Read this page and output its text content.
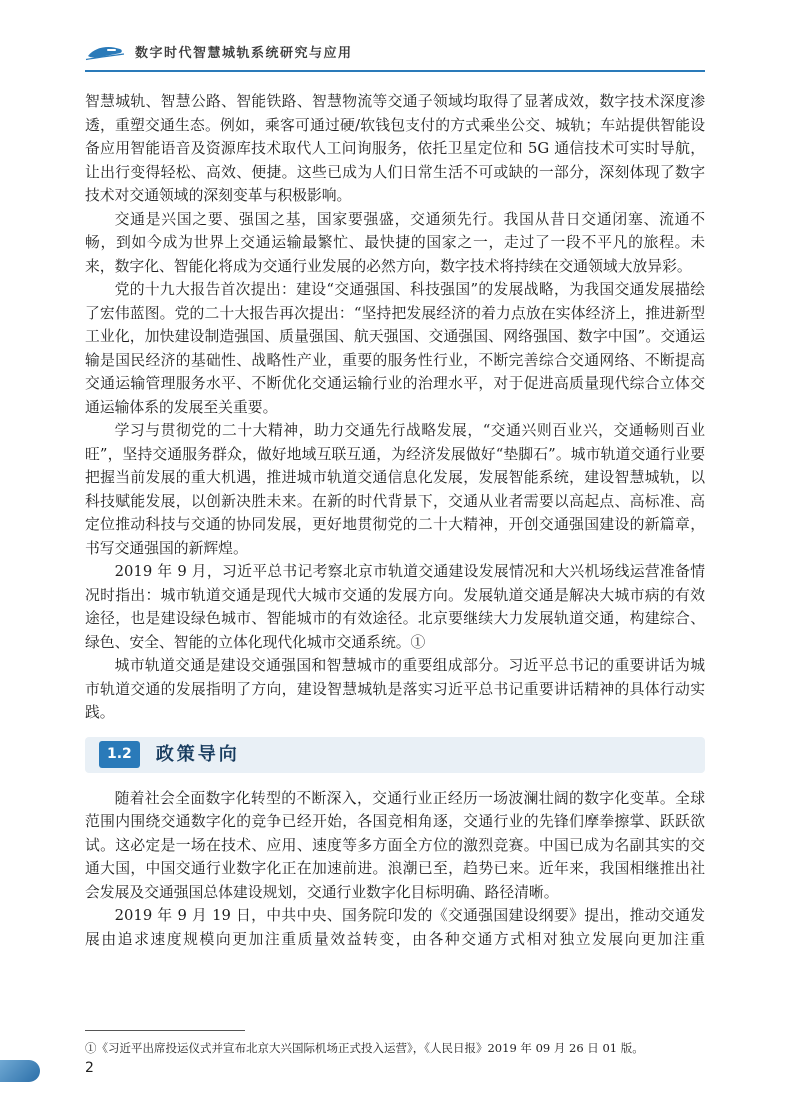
数字时代智慧城轨系统研究与应用

智慧城轨、智慧公路、智能铁路、智慧物流等交通子领域均取得了显著成效，数字技术深度渗透，重塑交通生态。例如，乘客可通过硬/软钱包支付的方式乘坐公交、城轨；车站提供智能设备应用智能语音及资源库技术取代人工问询服务，依托卫星定位和 5G 通信技术可实时导航，让出行变得轻松、高效、便捷。这些已成为人们日常生活不可或缺的一部分，深刻体现了数字技术对交通领域的深刻变革与积极影响。

交通是兴国之要、强国之基，国家要强盛，交通须先行。我国从昔日交通闭塞、流通不畅，到如今成为世界上交通运输最繁忙、最快捷的国家之一，走过了一段不平凡的旅程。未来，数字化、智能化将成为交通行业发展的必然方向，数字技术将持续在交通领域大放异彩。

党的十九大报告首次提出：建设“交通强国、科技强国”的发展战略，为我国交通发展描绘了宏伟蓝图。党的二十大报告再次提出：“坚持把发展经济的着力点放在实体经济上，推进新型工业化，加快建设制造强国、质量强国、航天强国、交通强国、网络强国、数字中国”。交通运输是国民经济的基础性、战略性产业，重要的服务性行业，不断完善综合交通网络、不断提高交通运输管理服务水平、不断优化交通运输行业的治理水平，对于促进高质量现代综合立体交通运输体系的发展至关重要。

学习与贯彻党的二十大精神，助力交通先行战略发展，“交通兴则百业兴，交通畅则百业旺”，坚持交通服务群众，做好地域互联互通，为经济发展做好“垫脚石”。城市轨道交通行业要把握当前发展的重大机遇，推进城市轨道交通信息化发展，发展智能系统，建设智慧城轨，以科技赋能发展，以创新决胜未来。在新的时代背景下，交通从业者需要以高起点、高标准、高定位推动科技与交通的协同发展，更好地贯彻党的二十大精神，开创交通强国建设的新篇章，书写交通强国的新辉煌。

2019 年 9 月，习近平总书记考察北京市轨道交通建设发展情况和大兴机场线运营准备情况时指出：城市轨道交通是现代大城市交通的发展方向。发展轨道交通是解决大城市病的有效途径，也是建设绿色城市、智能城市的有效途径。北京要继续大力发展轨道交通，构建综合、绿色、安全、智能的立体化现代化城市交通系统。①

城市轨道交通是建设交通强国和智慧城市的重要组成部分。习近平总书记的重要讲话为城市轨道交通的发展指明了方向，建设智慧城轨是落实习近平总书记重要讲话精神的具体行动实践。

1.2	政策导向

随着社会全面数字化转型的不断深入，交通行业正经历一场波澜壮阔的数字化变革。全球范围内围绕交通数字化的竞争已经开始，各国竞相角逐，交通行业的先锋们摩拳擦掌、跃跃欲试。这必定是一场在技术、应用、速度等多方面全方位的激烈竞赛。中国已成为名副其实的交通大国，中国交通行业数字化正在加速前进。浪潮已至，趋势已来。近年来，我国相继推出社会发展及交通强国总体建设规划，交通行业数字化目标明确、路径清晰。

2019 年 9 月 19 日，中共中央、国务院印发的《交通强国建设纲要》提出，推动交通发展由追求速度规模向更加注重质量效益转变，由各种交通方式相对独立发展向更加注重

①《习近平出席投运仪式并宣布北京大兴国际机场正式投入运营》，《人民日报》2019 年 09 月 26 日 01 版。

2
